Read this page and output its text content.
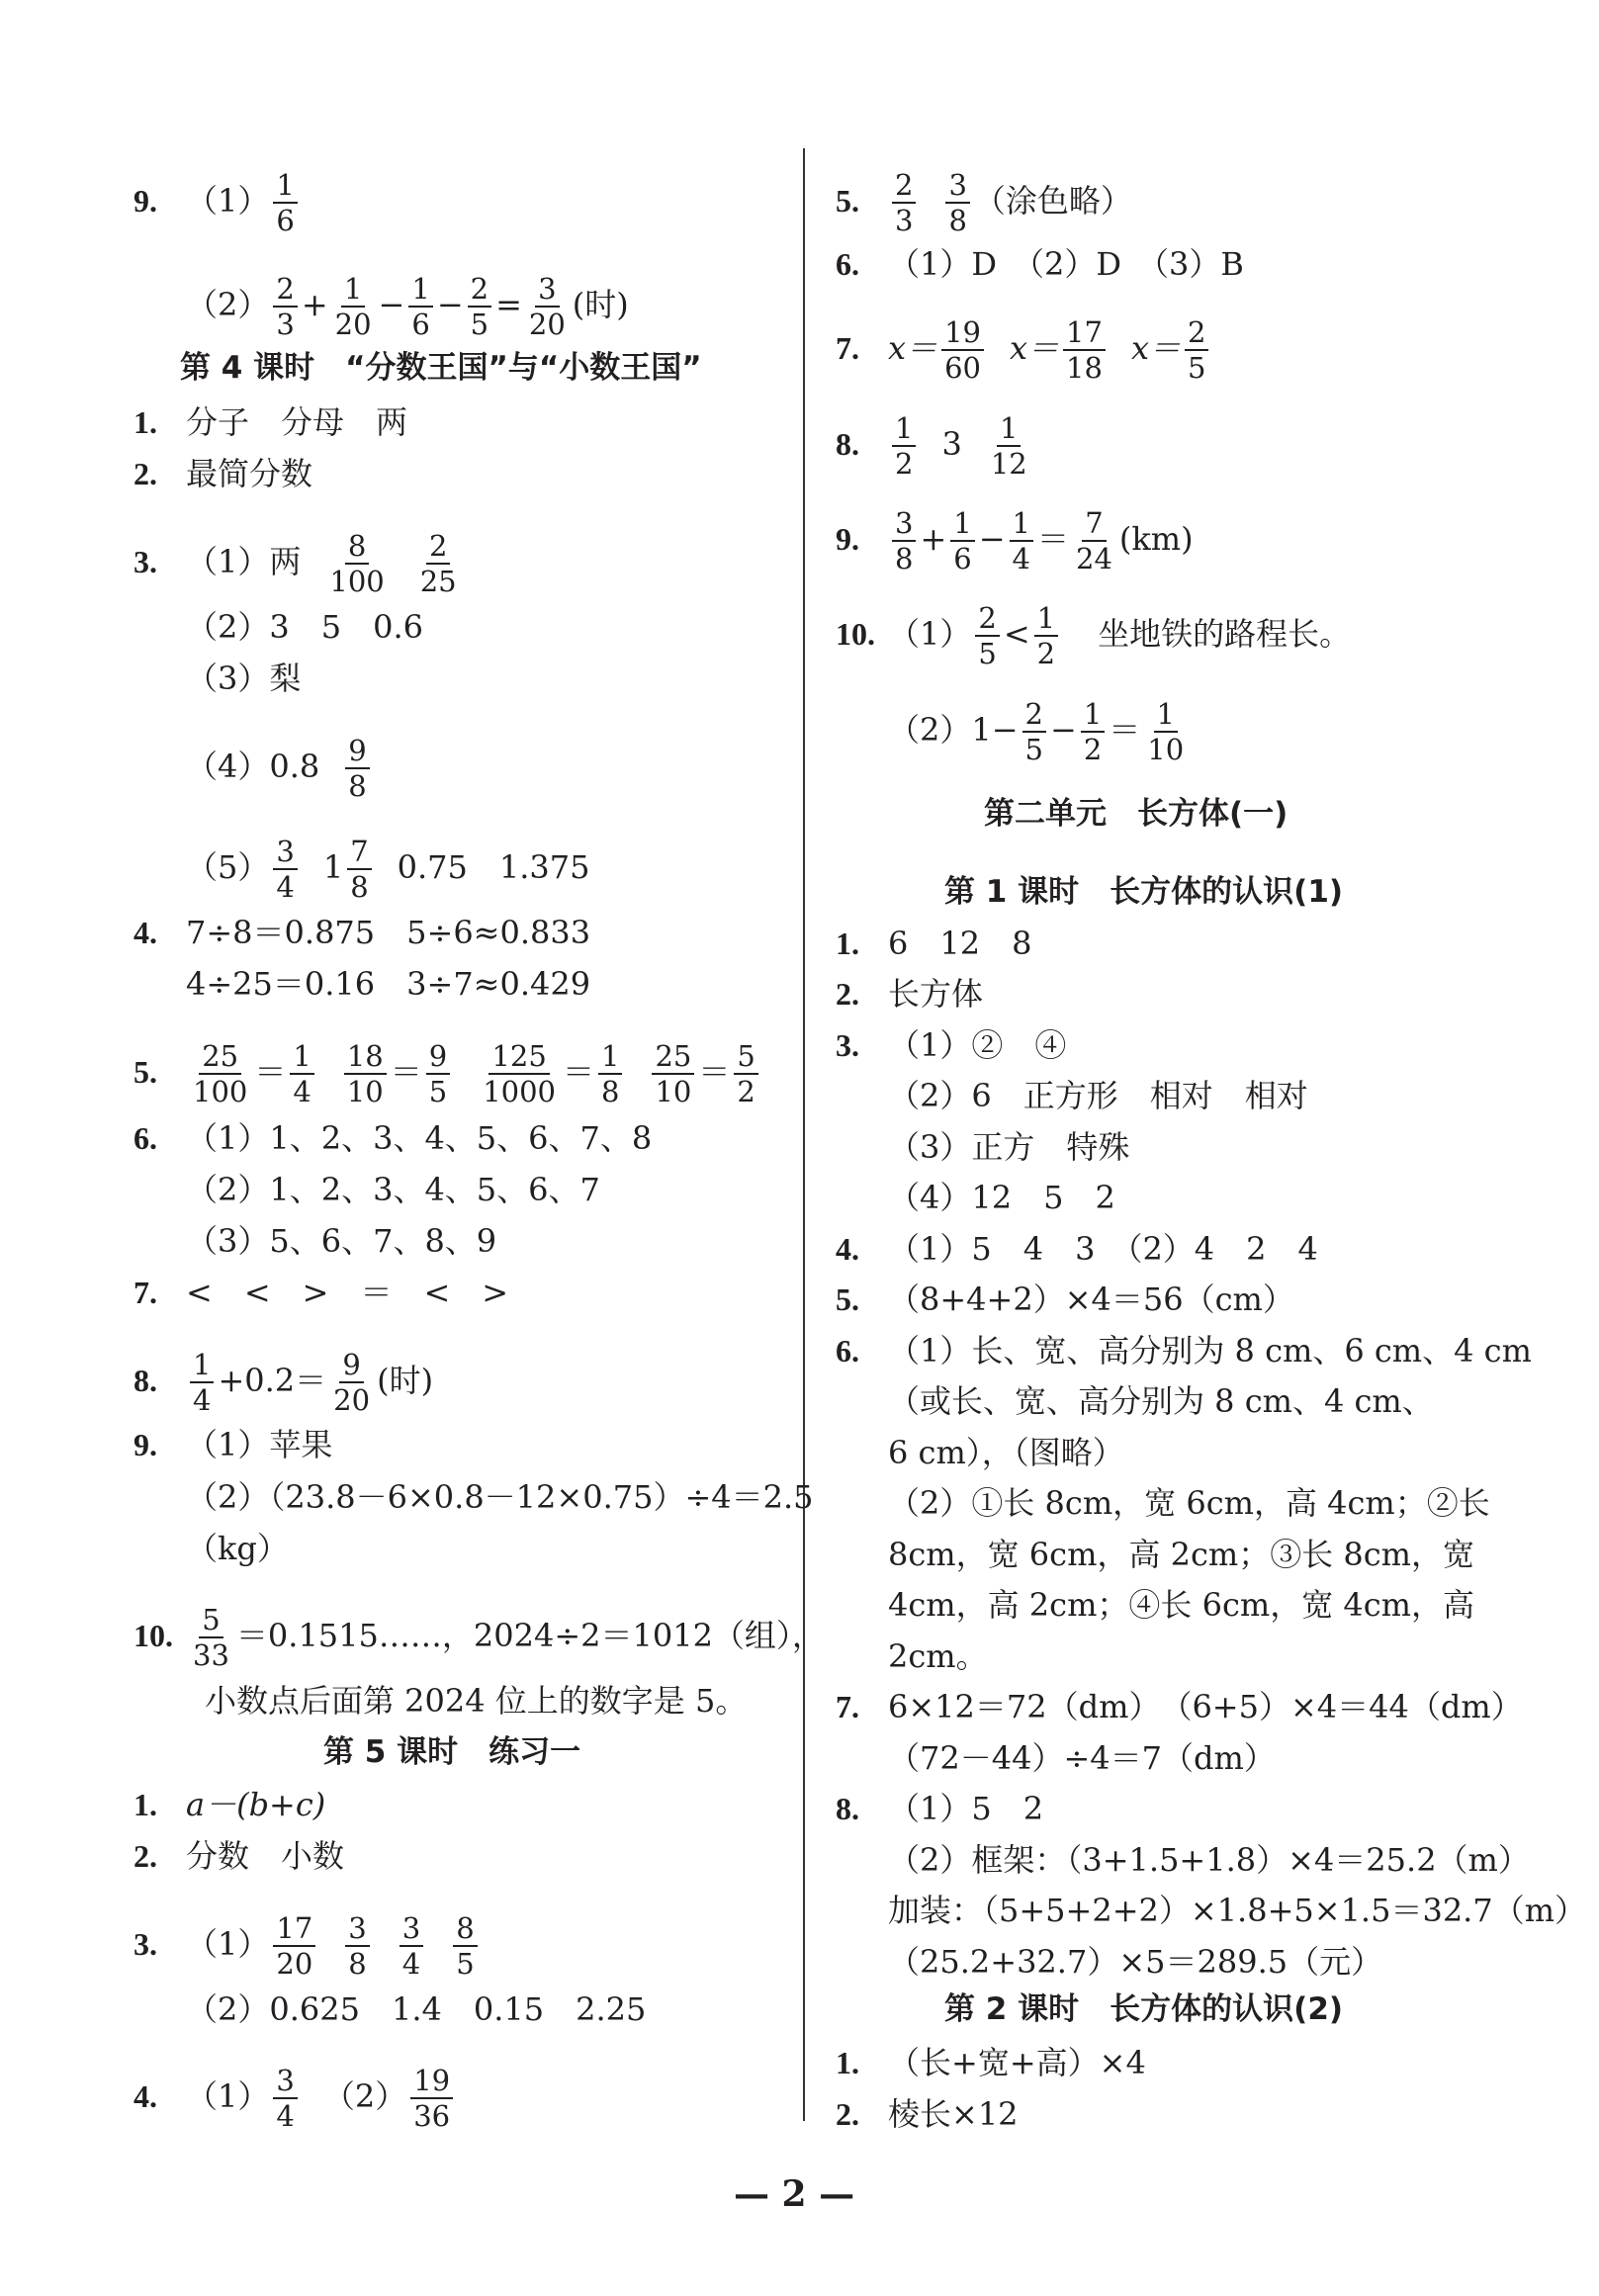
9. $(1) \frac{1}{6}$
$(2) \frac{2}{3} + \frac{1}{20} - \frac{1}{6} - \frac{2}{5} = \frac{3}{20}$ (时)
第 4 课时　“分数王国”与“小数王国”
1. 分子　分母　两
2. 最简分数
3. （1）两 $\frac{8}{100} \frac{2}{25}$
（2）3　5　0.6
（3）梨
$(4)0.8 \frac{9}{8}$
$(5) \frac{3}{4} 1 \frac{7}{8} 0.75$　1.375
4. 7÷8＝0.875　5÷6≈0.833
4÷25＝0.16　3÷7≈0.429
5. $\frac{25}{100} = \frac{1}{4} \frac{18}{10} = \frac{9}{5} \frac{125}{1000} = \frac{1}{8} \frac{25}{10} = \frac{5}{2}$
6. （1）1、2、3、4、5、6、7、8
（2）1、2、3、4、5、6、7
（3）5、6、7、8、9
7. <　<　>　＝　<　>
8. $\frac{1}{4} +0.2= \frac{9}{20}$ (时)
9. （1）苹果
（2）（23.8－6×0.8－12×0.75）÷4＝2.5
（kg）
10. $\frac{5}{33}$ ＝0.1515……，2024÷2＝1012（组），
小数点后面第 2024 位上的数字是 5。
第 5 课时　练习一
1. a－(b+c)
2. 分数　小数
3. $(1) \frac{17}{20} \frac{3}{8} \frac{3}{4} \frac{8}{5}$
（2）0.625　1.4　0.15　2.25
4. $(1) \frac{3}{4} (2) \frac{19}{36}$
5. $\frac{2}{3} \frac{3}{8}$ （涂色略）
6. （1）D　（2）D　（3）B
7. $x= \frac{19}{60} x= \frac{17}{18} x= \frac{2}{5}$
8. $\frac{1}{2} 3 \frac{1}{12}$
9. $\frac{3}{8} + \frac{1}{6} - \frac{1}{4} = \frac{7}{24} (km)$
10. $(1) \frac{2}{5} < \frac{1}{2}$ 坐地铁的路程长。
$(2)1- \frac{2}{5} - \frac{1}{2} = \frac{1}{10}$
第二单元　长方体(一)
第 1 课时　长方体的认识(1)
1. 6　12　8
2. 长方体
3. （1）②　④
（2）6　正方形　相对　相对
（3）正方　特殊
（4）12　5　2
4. （1）5　4　3　（2）4　2　4
5. （8+4+2）×4＝56（cm）
6. （1）长、宽、高分别为 8 cm、6 cm、4 cm
（或长、宽、高分别为 8 cm、4 cm、
6 cm），（图略）
（2）①长 8cm，宽 6cm，高 4cm；②长
8cm，宽 6cm，高 2cm；③长 8cm，宽
4cm，高 2cm；④长 6cm，宽 4cm，高
2cm。
7. 6×12＝72（dm）　（6+5）×4＝44（dm）
（72－44）÷4＝7（dm）
8. （1）5　2
（2）框架：（3+1.5+1.8）×4＝25.2（m）
加装：（5+5+2+2）×1.8+5×1.5＝32.7（m）
（25.2+32.7）×5＝289.5（元）
第 2 课时　长方体的认识(2)
1. （长+宽+高）×4
2. 棱长×12
— 2 —
